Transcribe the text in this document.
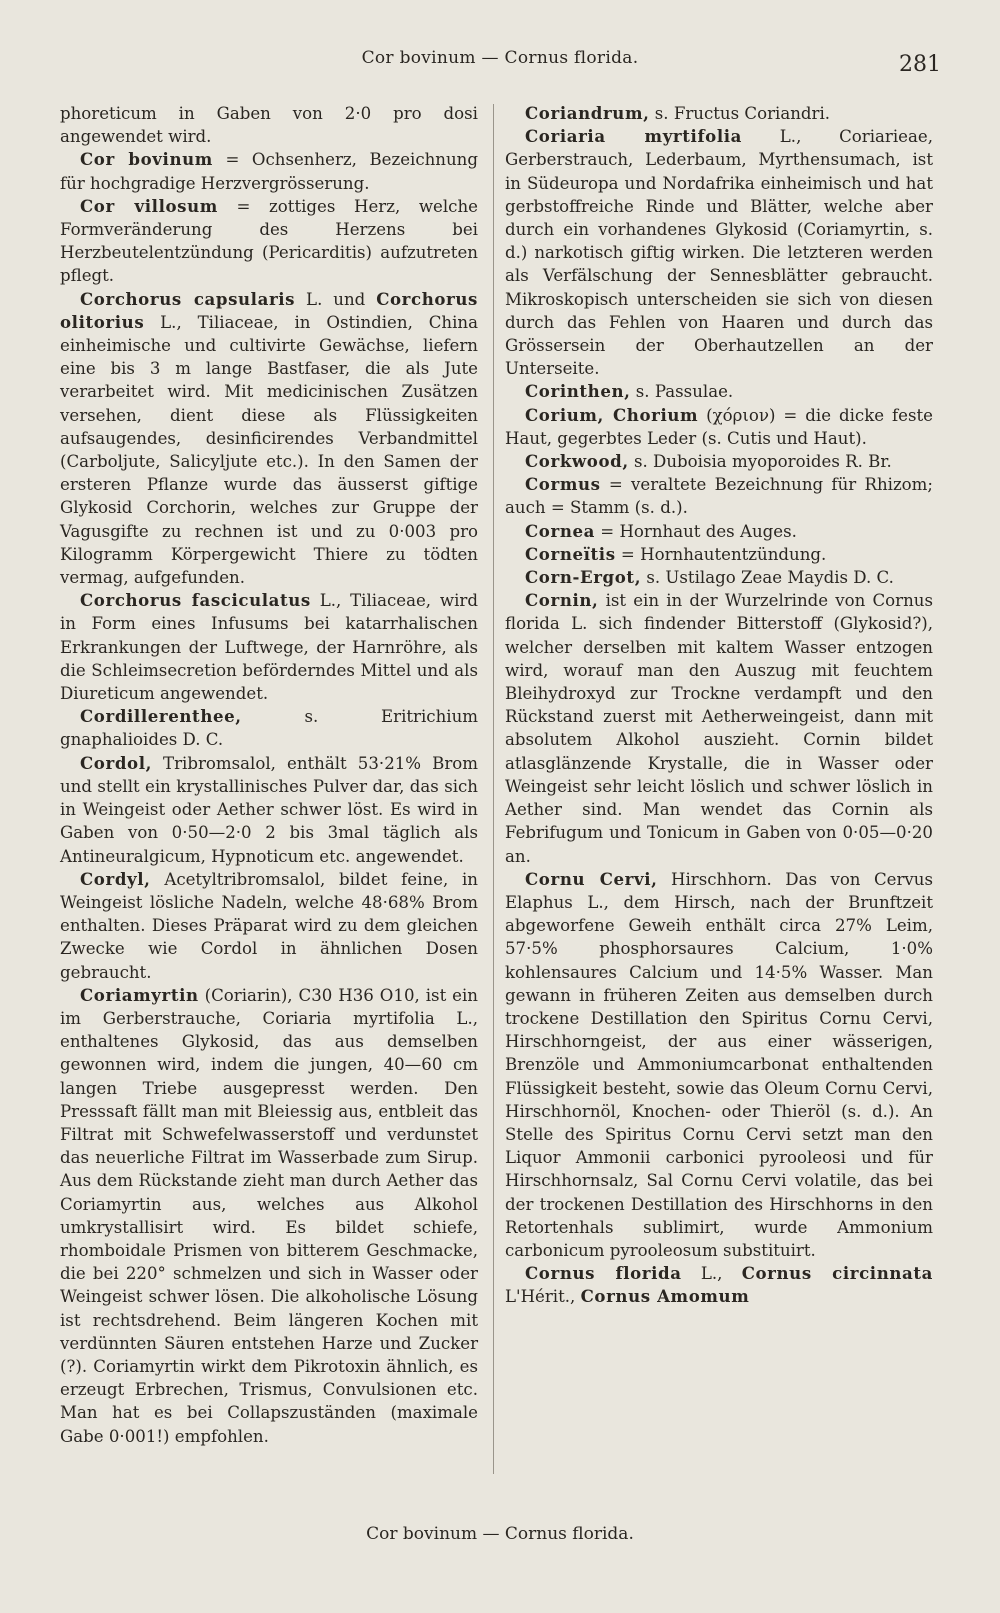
Cor bovinum — Cornus florida.	281

phoreticum in Gaben von 2·0 pro dosi angewendet wird.

Cor bovinum = Ochsenherz, Bezeichnung für hochgradige Herzvergrösserung.

Cor villosum = zottiges Herz, welche Formveränderung des Herzens bei Herzbeutelentzündung (Pericarditis) aufzutreten pflegt.

Corchorus capsularis L. und Corchorus olitorius L., Tiliaceae, in Ostindien, China einheimische und cultivirte Gewächse, liefern eine bis 3 m lange Bastfaser, die als Jute verarbeitet wird. Mit medicinischen Zusätzen versehen, dient diese als Flüssigkeiten aufsaugendes, desinficirendes Verbandmittel (Carboljute, Salicyljute etc.). In den Samen der ersteren Pflanze wurde das äusserst giftige Glykosid Corchorin, welches zur Gruppe der Vagusgifte zu rechnen ist und zu 0·003 pro Kilogramm Körpergewicht Thiere zu tödten vermag, aufgefunden.

Corchorus fasciculatus L., Tiliaceae, wird in Form eines Infusums bei katarrhalischen Erkrankungen der Luftwege, der Harnröhre, als die Schleimsecretion beförderndes Mittel und als Diureticum angewendet.

Cordillerenthee, s. Eritrichium gnaphalioides D. C.

Cordol, Tribromsalol, enthält 53·21% Brom und stellt ein krystallinisches Pulver dar, das sich in Weingeist oder Aether schwer löst. Es wird in Gaben von 0·50—2·0 2 bis 3mal täglich als Antineuralgicum, Hypnoticum etc. angewendet.

Cordyl, Acetyltribromsalol, bildet feine, in Weingeist lösliche Nadeln, welche 48·68% Brom enthalten. Dieses Präparat wird zu dem gleichen Zwecke wie Cordol in ähnlichen Dosen gebraucht.

Coriamyrtin (Coriarin), C30 H36 O10, ist ein im Gerberstrauche, Coriaria myrtifolia L., enthaltenes Glykosid, das aus demselben gewonnen wird, indem die jungen, 40—60 cm langen Triebe ausgepresst werden. Den Presssaft fällt man mit Bleiessig aus, entbleit das Filtrat mit Schwefelwasserstoff und verdunstet das neuerliche Filtrat im Wasserbade zum Sirup. Aus dem Rückstande zieht man durch Aether das Coriamyrtin aus, welches aus Alkohol umkrystallisirt wird. Es bildet schiefe, rhomboidale Prismen von bitterem Geschmacke, die bei 220° schmelzen und sich in Wasser oder Weingeist schwer lösen. Die alkoholische Lösung ist rechtsdrehend. Beim längeren Kochen mit verdünnten Säuren entstehen Harze und Zucker (?). Coriamyrtin wirkt dem Pikrotoxin ähnlich, es erzeugt Erbrechen, Trismus, Convulsionen etc. Man hat es bei Collapszuständen (maximale Gabe 0·001!) empfohlen.

Coriandrum, s. Fructus Coriandri.

Coriaria myrtifolia L., Coriarieae, Gerberstrauch, Lederbaum, Myrthensumach, ist in Südeuropa und Nordafrika einheimisch und hat gerbstoffreiche Rinde und Blätter, welche aber durch ein vorhandenes Glykosid (Coriamyrtin, s. d.) narkotisch giftig wirken. Die letzteren werden als Verfälschung der Sennesblätter gebraucht. Mikroskopisch unterscheiden sie sich von diesen durch das Fehlen von Haaren und durch das Grössersein der Oberhautzellen an der Unterseite.

Corinthen, s. Passulae.

Corium, Chorium (χόριον) = die dicke feste Haut, gegerbtes Leder (s. Cutis und Haut).

Corkwood, s. Duboisia myoporoides R. Br.

Cormus = veraltete Bezeichnung für Rhizom; auch = Stamm (s. d.).

Cornea = Hornhaut des Auges.

Corneïtis = Hornhautentzündung.

Corn-Ergot, s. Ustilago Zeae Maydis D. C.

Cornin, ist ein in der Wurzelrinde von Cornus florida L. sich findender Bitterstoff (Glykosid?), welcher derselben mit kaltem Wasser entzogen wird, worauf man den Auszug mit feuchtem Bleihydroxyd zur Trockne verdampft und den Rückstand zuerst mit Aetherweingeist, dann mit absolutem Alkohol auszieht. Cornin bildet atlasglänzende Krystalle, die in Wasser oder Weingeist sehr leicht löslich und schwer löslich in Aether sind. Man wendet das Cornin als Febrifugum und Tonicum in Gaben von 0·05—0·20 an.

Cornu Cervi, Hirschhorn. Das von Cervus Elaphus L., dem Hirsch, nach der Brunftzeit abgeworfene Geweih enthält circa 27% Leim, 57·5% phosphorsaures Calcium, 1·0% kohlensaures Calcium und 14·5% Wasser. Man gewann in früheren Zeiten aus demselben durch trockene Destillation den Spiritus Cornu Cervi, Hirschhorngeist, der aus einer wässerigen, Brenzöle und Ammoniumcarbonat enthaltenden Flüssigkeit besteht, sowie das Oleum Cornu Cervi, Hirschhornöl, Knochen- oder Thieröl (s. d.). An Stelle des Spiritus Cornu Cervi setzt man den Liquor Ammonii carbonici pyrooleosi und für Hirschhornsalz, Sal Cornu Cervi volatile, das bei der trockenen Destillation des Hirschhorns in den Retortenhals sublimirt, wurde Ammonium carbonicum pyrooleosum substituirt.

Cornus florida L., Cornus circinnata L'Hérit., Cornus Amomum

Cor bovinum — Cornus florida.
